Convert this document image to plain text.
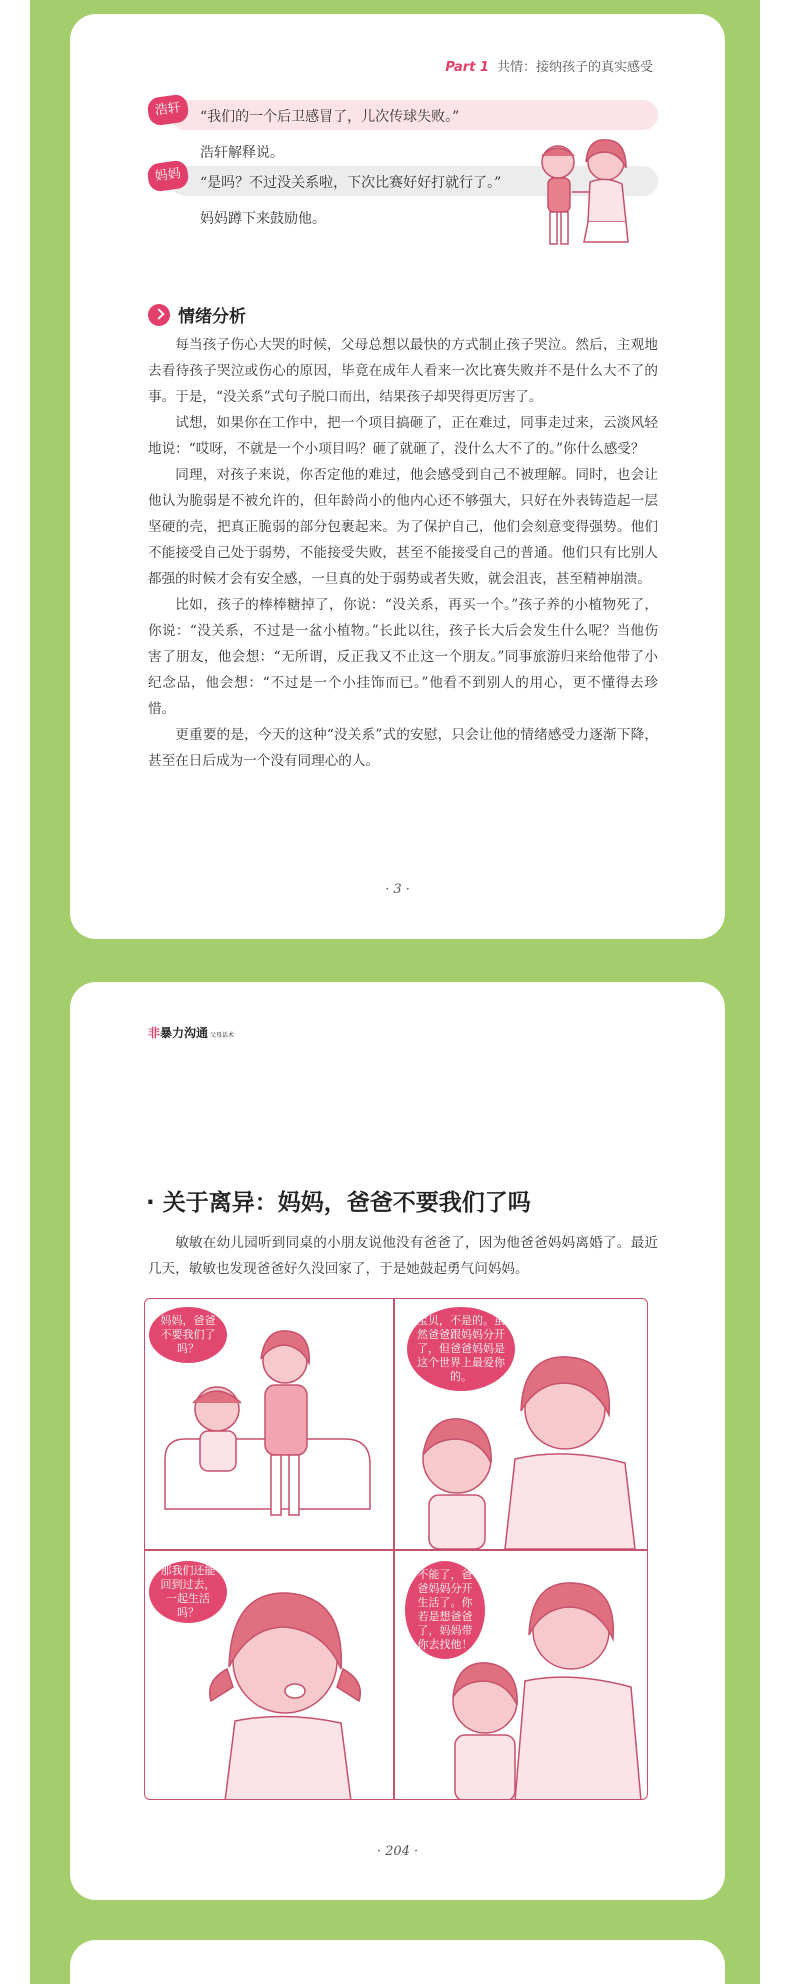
Part 1 共情：接纳孩子的真实感受
浩轩	“我们的一个后卫感冒了，儿次传球失败。”
浩轩解释说。
妈妈	“是吗？不过没关系啦，下次比赛好好打就行了。”
妈妈蹲下来鼓励他。
情绪分析

每当孩子伤心大哭的时候，父母总想以最快的方式制止孩子哭泣。然后，主观地去看待孩子哭泣或伤心的原因，毕竟在成年人看来一次比赛失败并不是什么大不了的事。于是，“没关系”式句子脱口而出，结果孩子却哭得更厉害了。

试想，如果你在工作中，把一个项目搞砸了，正在难过，同事走过来，云淡风轻地说：“哎呀，不就是一个小项目吗？砸了就砸了，没什么大不了的。”你什么感受？

同理，对孩子来说，你否定他的难过，他会感受到自己不被理解。同时，也会让他认为脆弱是不被允许的，但年龄尚小的他内心还不够强大，只好在外表铸造起一层坚硬的壳，把真正脆弱的部分包裹起来。为了保护自己，他们会刻意变得强势。他们不能接受自己处于弱势，不能接受失败，甚至不能接受自己的普通。他们只有比别人都强的时候才会有安全感，一旦真的处于弱势或者失败，就会沮丧，甚至精神崩溃。

比如，孩子的棒棒糖掉了，你说：“没关系，再买一个。”孩子养的小植物死了，你说：“没关系，不过是一盆小植物。”长此以往，孩子长大后会发生什么呢？当他伤害了朋友，他会想：“无所谓，反正我又不止这一个朋友。”同事旅游归来给他带了小纪念品，他会想：“不过是一个小挂饰而已。”他看不到别人的用心，更不懂得去珍惜。

更重要的是，今天的这种“没关系”式的安慰，只会让他的情绪感受力逐渐下降，甚至在日后成为一个没有同理心的人。

· 3 ·
非暴力沟通 父母话术
· 关于离异：妈妈，爸爸不要我们了吗

敏敏在幼儿园听到同桌的小朋友说他没有爸爸了，因为他爸爸妈妈离婚了。最近几天，敏敏也发现爸爸好久没回家了，于是她鼓起勇气问妈妈。

妈妈，爸爸不要我们了吗？
宝贝，不是的。虽然爸爸跟妈妈分开了，但爸爸妈妈是这个世界上最爱你的。
那我们还能回到过去，一起生活吗？
不能了，爸爸妈妈分开生活了。你若是想爸爸了，妈妈带你去找他！
· 204 ·
